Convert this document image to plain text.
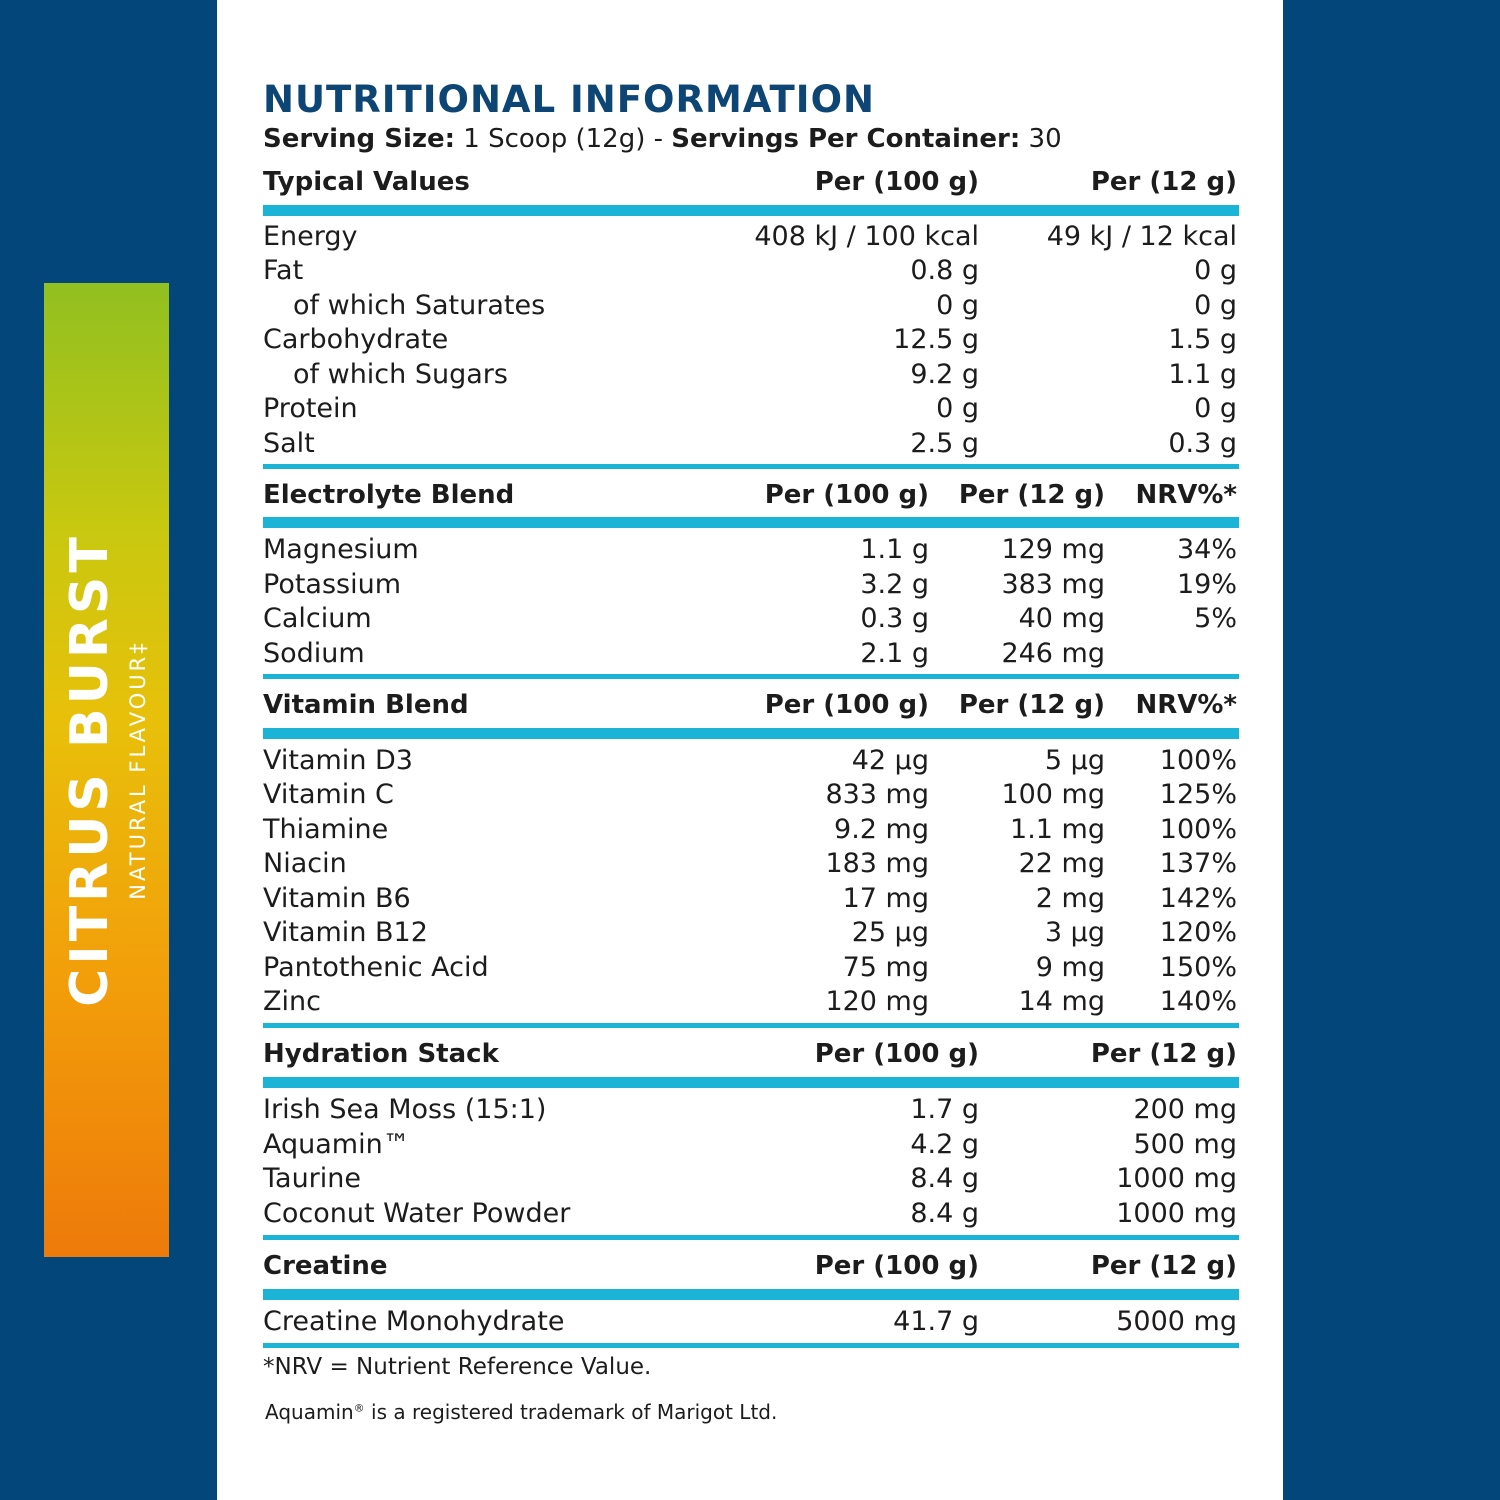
CITRUS BURST NATURAL FLAVOUR‡
NUTRITIONAL INFORMATION
Serving Size: 1 Scoop (12g) - Servings Per Container: 30
Typical Values	Per (100 g)	Per (12 g)
Energy	408 kJ / 100 kcal	49 kJ / 12 kcal
Fat	0.8 g	0 g
of which Saturates	0 g	0 g
Carbohydrate	12.5 g	1.5 g
of which Sugars	9.2 g	1.1 g
Protein	0 g	0 g
Salt	2.5 g	0.3 g
Electrolyte Blend	Per (100 g) Per (12 g) NRV%*
Magnesium	1.1 g	129 mg	34%
Potassium	3.2 g	383 mg	19%
Calcium	0.3 g	40 mg	5%
Sodium	2.1 g	246 mg
Vitamin Blend	Per (100 g) Per (12 g) NRV%*
Vitamin D3	42 µg	5 µg 100%
Vitamin C	833 mg	100 mg 125%
Thiamine	9.2 mg	1.1 mg 100%
Niacin	183 mg	22 mg 137%
Vitamin B6	17 mg	2 mg 142%
Vitamin B12	25 µg	3 µg 120%
Pantothenic Acid	75 mg	9 mg 150%
Zinc	120 mg	14 mg 140%
Hydration Stack	Per (100 g)	Per (12 g)
Irish Sea Moss (15:1)	1.7 g	200 mg
Aquamin™	4.2 g	500 mg
Taurine	8.4 g	1000 mg
Coconut Water Powder	8.4 g	1000 mg
Creatine	Per (100 g)	Per (12 g)
Creatine Monohydrate	41.7 g	5000 mg
*NRV = Nutrient Reference Value.
Aquamin® is a registered trademark of Marigot Ltd.
